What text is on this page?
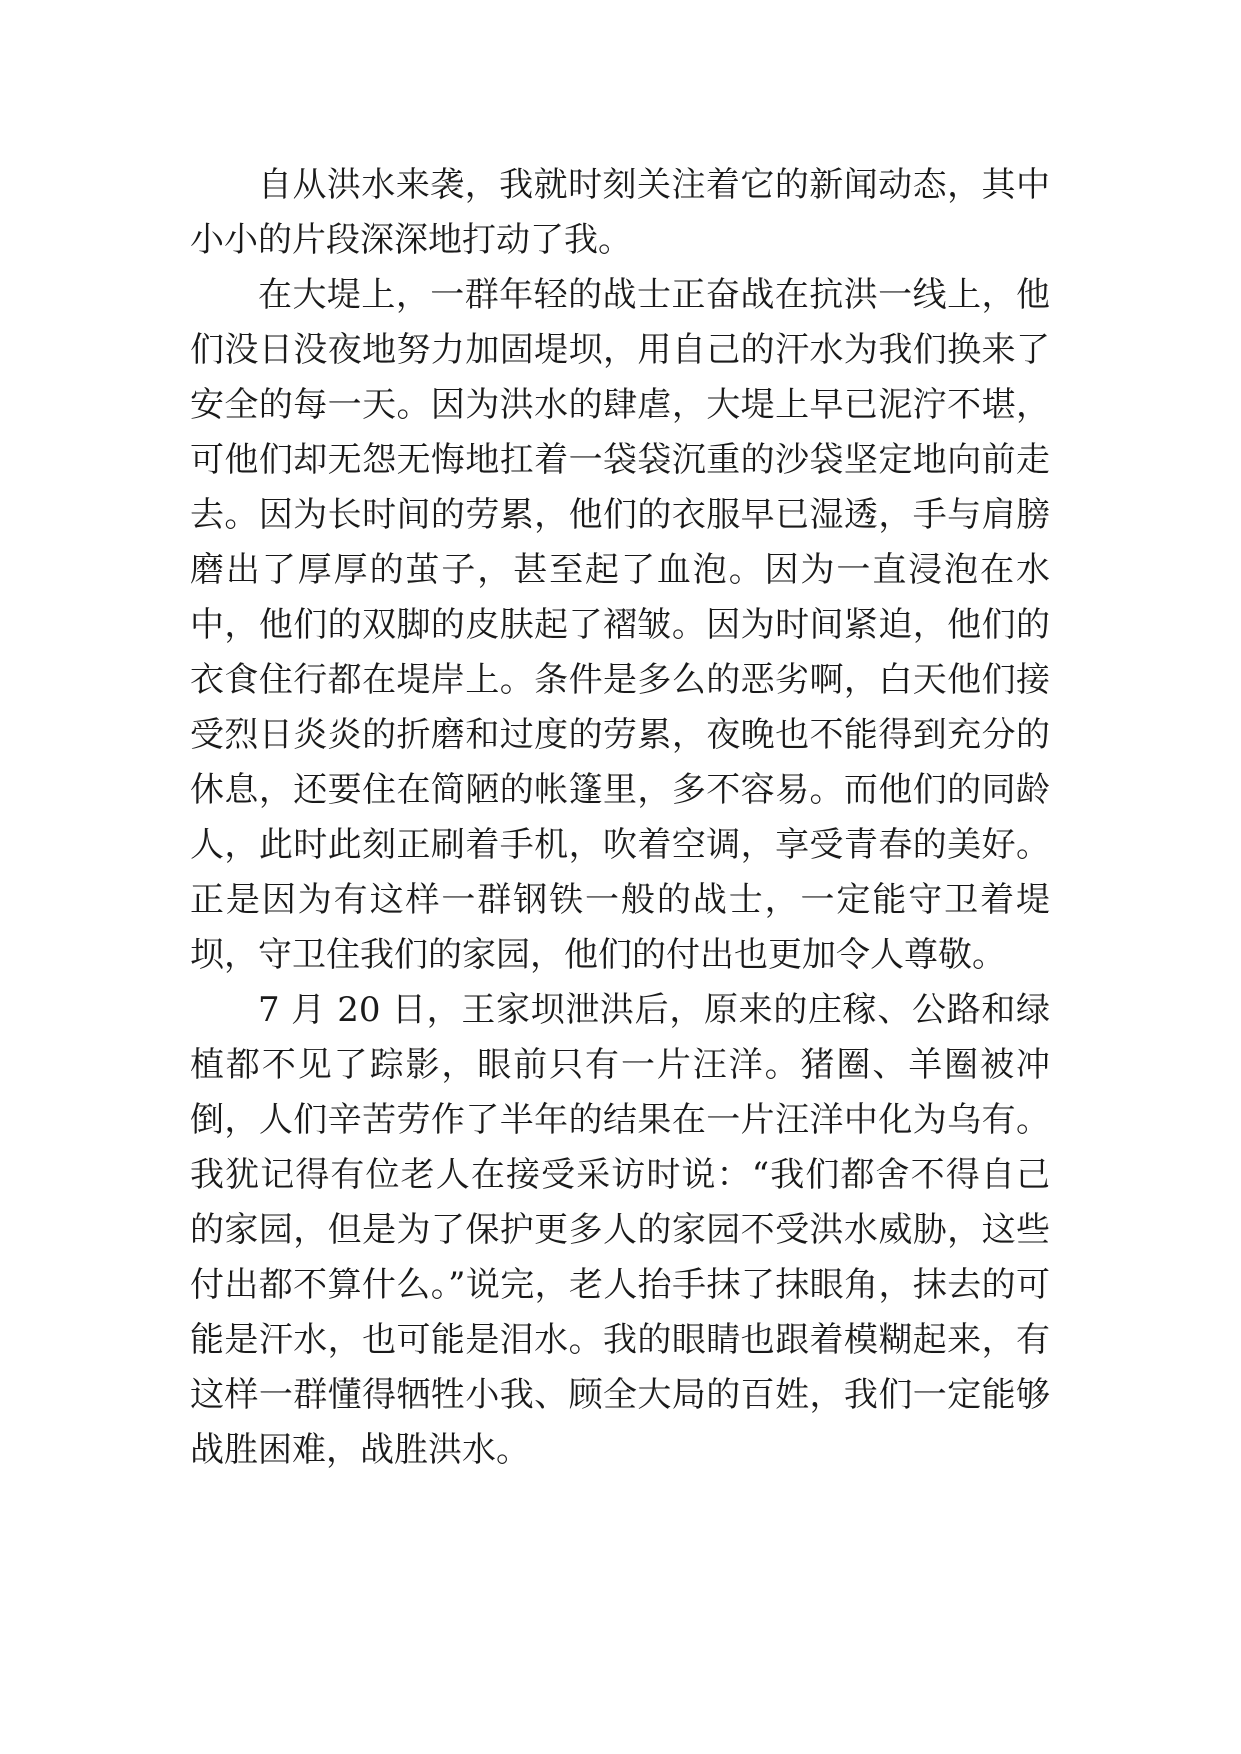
自从洪水来袭，我就时刻关注着它的新闻动态，其中小小的片段深深地打动了我。

在大堤上，一群年轻的战士正奋战在抗洪一线上，他们没日没夜地努力加固堤坝，用自己的汗水为我们换来了安全的每一天。因为洪水的肆虐，大堤上早已泥泞不堪，可他们却无怨无悔地扛着一袋袋沉重的沙袋坚定地向前走去。因为长时间的劳累，他们的衣服早已湿透，手与肩膀磨出了厚厚的茧子，甚至起了血泡。因为一直浸泡在水中，他们的双脚的皮肤起了褶皱。因为时间紧迫，他们的衣食住行都在堤岸上。条件是多么的恶劣啊，白天他们接受烈日炎炎的折磨和过度的劳累，夜晚也不能得到充分的休息，还要住在简陋的帐篷里，多不容易。而他们的同龄人，此时此刻正刷着手机，吹着空调，享受青春的美好。正是因为有这样一群钢铁一般的战士，一定能守卫着堤坝，守卫住我们的家园，他们的付出也更加令人尊敬。

7 月 20 日，王家坝泄洪后，原来的庄稼、公路和绿植都不见了踪影，眼前只有一片汪洋。猪圈、羊圈被冲倒，人们辛苦劳作了半年的结果在一片汪洋中化为乌有。我犹记得有位老人在接受采访时说：“我们都舍不得自己的家园，但是为了保护更多人的家园不受洪水威胁，这些付出都不算什么。”说完，老人抬手抹了抹眼角，抹去的可能是汗水，也可能是泪水。我的眼睛也跟着模糊起来，有这样一群懂得牺牲小我、顾全大局的百姓，我们一定能够战胜困难，战胜洪水。
